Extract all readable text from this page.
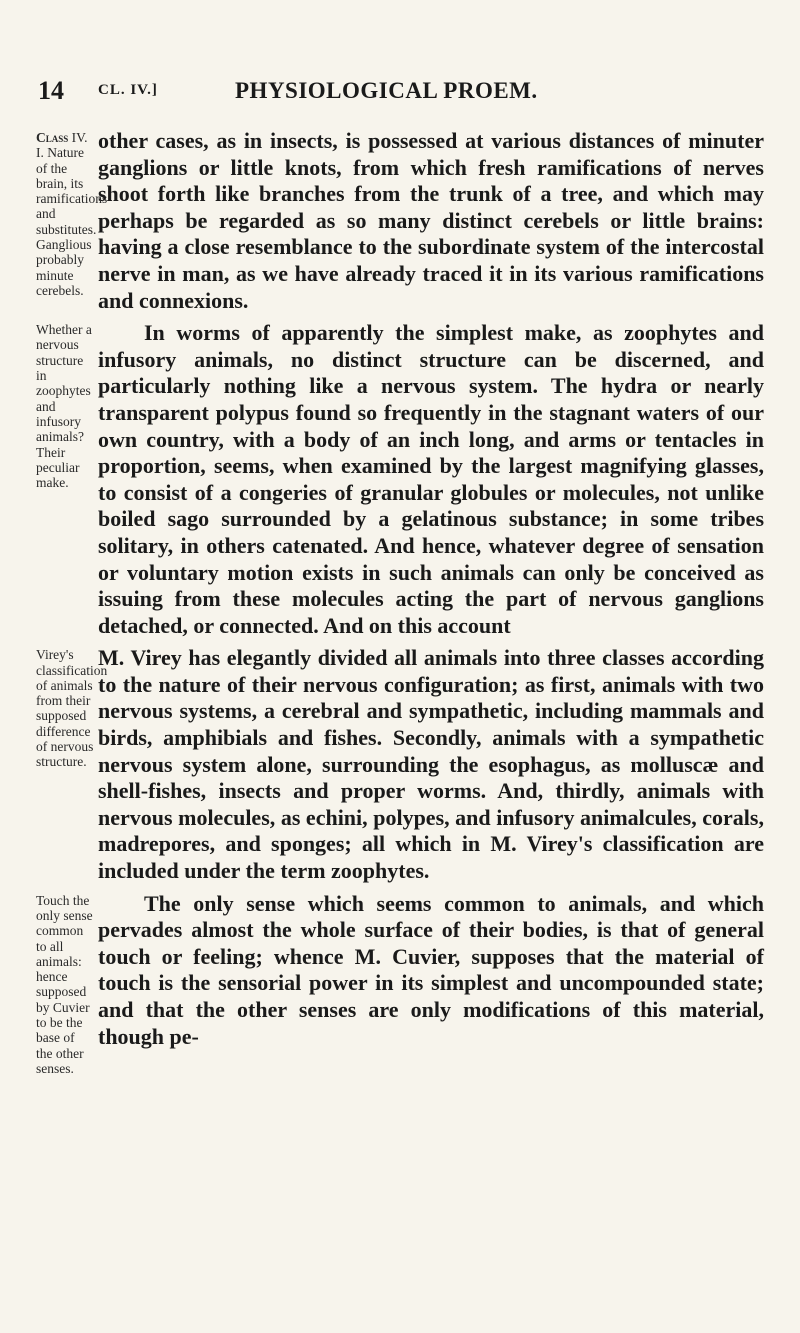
14 CL. IV.]	PHYSIOLOGICAL PROEM.
Class IV. I. Nature of the brain, its ramifications and substitutes. Ganglious probably minute cerebels.

other cases, as in insects, is possessed at various distances of minuter ganglions or little knots, from which fresh ramifications of nerves shoot forth like branches from the trunk of a tree, and which may perhaps be regarded as so many distinct cerebels or little brains: having a close resemblance to the subordinate system of the intercostal nerve in man, as we have already traced it in its various ramifications and connexions.

Whether a nervous structure in zoophytes and infusory animals? Their peculiar make.

In worms of apparently the simplest make, as zoophytes and infusory animals, no distinct structure can be discerned, and particularly nothing like a nervous system. The hydra or nearly transparent polypus found so frequently in the stagnant waters of our own country, with a body of an inch long, and arms or tentacles in proportion, seems, when examined by the largest magnifying glasses, to consist of a congeries of granular globules or molecules, not unlike boiled sago surrounded by a gelatinous substance; in some tribes solitary, in others catenated. And hence, whatever degree of sensation or voluntary motion exists in such animals can only be conceived as issuing from these molecules acting the part of nervous ganglions detached, or connected. And on this account

Virey's classification of animals from their supposed difference of nervous structure.

M. Virey has elegantly divided all animals into three classes according to the nature of their nervous configuration; as first, animals with two nervous systems, a cerebral and sympathetic, including mammals and birds, amphibials and fishes. Secondly, animals with a sympathetic nervous system alone, surrounding the esophagus, as molluscæ and shell-fishes, insects and proper worms. And, thirdly, animals with nervous molecules, as echini, polypes, and infusory animalcules, corals, madrepores, and sponges; all which in M. Virey's classification are included under the term zoophytes.

Touch the only sense common to all animals: hence supposed by Cuvier to be the base of the other senses.

The only sense which seems common to animals, and which pervades almost the whole surface of their bodies, is that of general touch or feeling; whence M. Cuvier, supposes that the material of touch is the sensorial power in its simplest and uncompounded state; and that the other senses are only modifications of this material, though pe-
